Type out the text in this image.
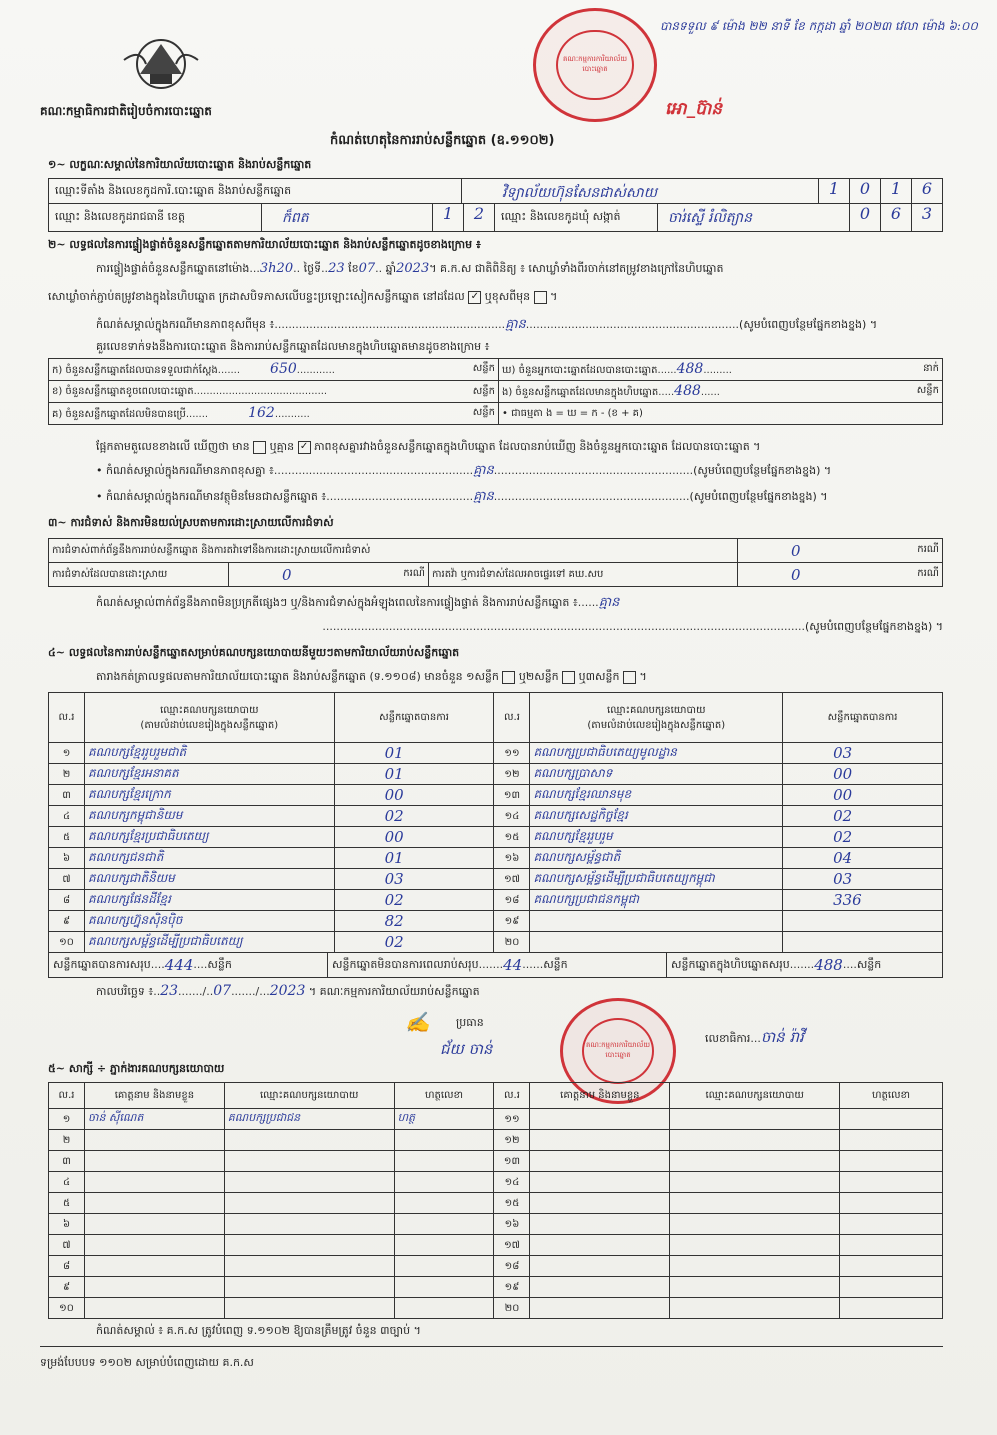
គណៈកម្មាធិការជាតិរៀបចំការបោះឆ្នោត
គណៈកម្មការការិយាល័យបោះឆ្នោត
បានទទួល ៩ ម៉ោង ២២ នាទី ខែ កក្កដា ឆ្នាំ ២០២៣ វេលា ម៉ោង ៦:០០
អោ_ប៊ាន់
កំណត់ហេតុនៃការរាប់សន្លឹកឆ្នោត (ឧ.១១០២)
១~ លក្ខណៈសម្គាល់នៃការិយាល័យបោះឆ្នោត និងរាប់សន្លឹកឆ្នោត
ឈ្មោះទីតាំង និងលេខកូដការិ.បោះឆ្នោត និងរាប់សន្លឹកឆ្នោត	វិទ្យាល័យហ៊ុនសែនជាស់សាយ	1	0	1	6
ឈ្មោះ និងលេខកូដរាជធានី ខេត្ត	ក៏ពត	1	2	ឈ្មោះ និងលេខកូដឃុំ សង្កាត់	ចារ់ស្ទើ រំលិត្យាន	0	6	3
២~ លទ្ធផលនៃការផ្ទៀងផ្ទាត់ចំនួនសន្លឹកឆ្នោតតាមការិយាល័យបោះឆ្នោត និងរាប់សន្លឹកឆ្នោតដូចខាងក្រោម ៖
ការផ្ទៀងផ្ទាត់ចំនួនសន្លឹកឆ្នោតនៅម៉ោង...3h20.. ថ្ងៃទី..23 ខែ07.. ឆ្នាំ2023។ គ.ក.ស ជាតិពិនិត្យ ៖ សោឃ្លាំទាំងពីរចាក់នៅតម្រូវខាងក្រៅនៃហិបឆ្នោត
សោឃ្លាំចាក់ភ្ជាប់តម្រូវខាងក្នុងនៃហិបឆ្នោត ក្រដាសបិទភាសលើបន្ទះប្រឡោះសៀកសន្លឹកឆ្នោត នៅដដែល ✓ ឬខុសពីមុន  ។
កំណត់សម្គាល់ក្នុងករណីមានភាពខុសពីមុន ៖..................................................................គ្មាន.............................................................(សូមបំពេញបន្ថែមផ្នែកខាងខ្នង) ។
គួរលេខទាក់ទងនឹងការបោះឆ្នោត និងការរាប់សន្លឹកឆ្នោតដែលមានក្នុងហិបឆ្នោតមានដូចខាងក្រោម ៖
ក) ចំនួនសន្លឹកឆ្នោតដែលបានទទួលជាក់ស្ដែង....... 650............ សន្លឹក	ឃ) ចំនួនអ្នកបោះឆ្នោតដែលបានបោះឆ្នោត......488......... នាក់

ខ) ចំនួនសន្លឹកឆ្នោតខូចពេលបោះឆ្នោត.......................................... សន្លឹក	ង) ចំនួនសន្លឹកឆ្នោតដែលមានក្នុងហិបឆ្នោត.....488...... សន្លឹក

គ) ចំនួនសន្លឹកឆ្នោតដែលមិនបានប្រើ....... 162........... សន្លឹក	• ជាធម្មតា ង = ឃ = ក - (ខ + គ)
ផ្អែកតាមតួលេខខាងលើ ឃើញថា មាន ឬគ្មាន ✓ ភាពខុសគ្នារវាងចំនួនសន្លឹកឆ្នោតក្នុងហិបឆ្នោត ដែលបានរាប់ឃើញ និងចំនួនអ្នកបោះឆ្នោត ដែលបានបោះឆ្នោត ។
• កំណត់សម្គាល់ក្នុងករណីមានភាពខុសគ្នា ៖.........................................................គ្មាន.........................................................(សូមបំពេញបន្ថែមផ្នែកខាងខ្នង) ។
• កំណត់សម្គាល់ក្នុងករណីមានវត្ថុមិនមែនជាសន្លឹកឆ្នោត ៖..........................................គ្មាន........................................................(សូមបំពេញបន្ថែមផ្នែកខាងខ្នង) ។
៣~ ការជំទាស់ និងការមិនយល់ស្របតាមការដោះស្រាយលើការជំទាស់
ការជំទាស់ពាក់ព័ន្ធនឹងការរាប់សន្លឹកឆ្នោត និងការតវ៉ាទៅនឹងការដោះស្រាយលើការជំទាស់			0 ករណី

ការជំទាស់ដែលបានដោះស្រាយ	0 ករណី	ការតវ៉ា ឬការជំទាស់ដែលអាចផ្ទេរទៅ គឃ.សប	0 ករណី
កំណត់សម្គាល់ពាក់ព័ន្ធនឹងភាពមិនប្រក្រតីផ្សេងៗ ឬ/និងការជំទាស់ក្នុងអំឡុងពេលនៃការផ្ទៀងផ្ទាត់ និងការរាប់សន្លឹកឆ្នោត ៖......គ្មាន
..........................................................................................................................................(សូមបំពេញបន្ថែមផ្នែកខាងខ្នង) ។
៤~ លទ្ធផលនៃការរាប់សន្លឹកឆ្នោតសម្រាប់គណបក្សនយោបាយនីមួយៗតាមការិយាល័យរាប់សន្លឹកឆ្នោត
តារាងកត់ត្រាលទ្ធផលតាមការិយាល័យបោះឆ្នោត និងរាប់សន្លឹកឆ្នោត (ទ.១១០៨) មានចំនួន ១សន្លឹក ឬ២សន្លឹក ឬ៣សន្លឹក  ។
ល.រ	ឈ្មោះគណបក្សនយោបាយ
(តាមលំដាប់លេខរៀងក្នុងសន្លឹកឆ្នោត)	សន្លឹកឆ្នោតបានការ	ល.រ	ឈ្មោះគណបក្សនយោបាយ
(តាមលំដាប់លេខរៀងក្នុងសន្លឹកឆ្នោត)	សន្លឹកឆ្នោតបានការ
១	គណបក្សខ្មែររួបរួមជាតិ	01	១១	គណបក្សប្រជាធិបតេយ្យមូលដ្ឋាន	03
២	គណបក្សខ្មែរអនាគត	01	១២	គណបក្សប្រាសាទ	00
៣	គណបក្សខ្មែរក្រោក	00	១៣	គណបក្សខ្មែរឈានមុខ	00
៤	គណបក្សកម្ពុជានិយម	02	១៤	គណបក្សសេដ្ឋកិច្ចខ្មែរ	02
៥	គណបក្សខ្មែរប្រជាធិបតេយ្យ	00	១៥	គណបក្សខ្មែររួបរួម	02
៦	គណបក្សជនជាតិ	01	១៦	គណបក្សសម្ព័ន្ធជាតិ	04
៧	គណបក្សជាតិនិយម	03	១៧	គណបក្សសម្ព័ន្ធដើម្បីប្រជាធិបតេយ្យកម្ពុជា	03
៨	គណបក្សផែនដីខ្មែរ	02	១៨	គណបក្សប្រជាជនកម្ពុជា	336
៩	គណបក្សហ្វ៊ុនស៊ិនប៉ិច	82	១៩		
១០	គណបក្សសម្ព័ន្ធដើម្បីប្រជាធិបតេយ្យ	02	២០		
សន្លឹកឆ្នោតបានការសរុប .... 444 .... សន្លឹក	សន្លឹកឆ្នោតមិនបានការពេលរាប់សរុប ....... 44 ...... សន្លឹក	សន្លឹកឆ្នោតក្នុងហិបឆ្នោតសរុប ....... 488 .... សន្លឹក
កាលបរិច្ឆេទ ៖..23......./..07......./...2023 ។ គណៈកម្មការការិយាល័យរាប់សន្លឹកឆ្នោត
គណៈកម្មការការិយាល័យបោះឆ្នោត
✍ ប្រធាន
ជ័យ ចាន់
លេខាធិការ...ចាន់ រ៉ាវី
៥~ សាក្សី ÷ ភ្នាក់ងារគណបក្សនយោបាយ
ល.រ	គោត្តនាម និងនាមខ្លួន	ឈ្មោះគណបក្សនយោបាយ	ហត្ថលេខា	ល.រ	គោត្តនាម និងនាមខ្លួន	ឈ្មោះគណបក្សនយោបាយ	ហត្ថលេខា
១	ចាន់ ស៊ីណេត	គណបក្សប្រជាជន	ហត្ថ	១១			
២				១២			
៣				១៣			
៤				១៤			
៥				១៥			
៦				១៦			
៧				១៧			
៨				១៨			
៩				១៩			
១០				២០			
កំណត់សម្គាល់ ៖ គ.ក.ស ត្រូវបំពេញ ទ.១១០២ ឱ្យបានត្រឹមត្រូវ ចំនួន ៣ច្បាប់ ។
ទម្រង់បែបបទ ១១០២ សម្រាប់បំពេញដោយ គ.ក.ស
